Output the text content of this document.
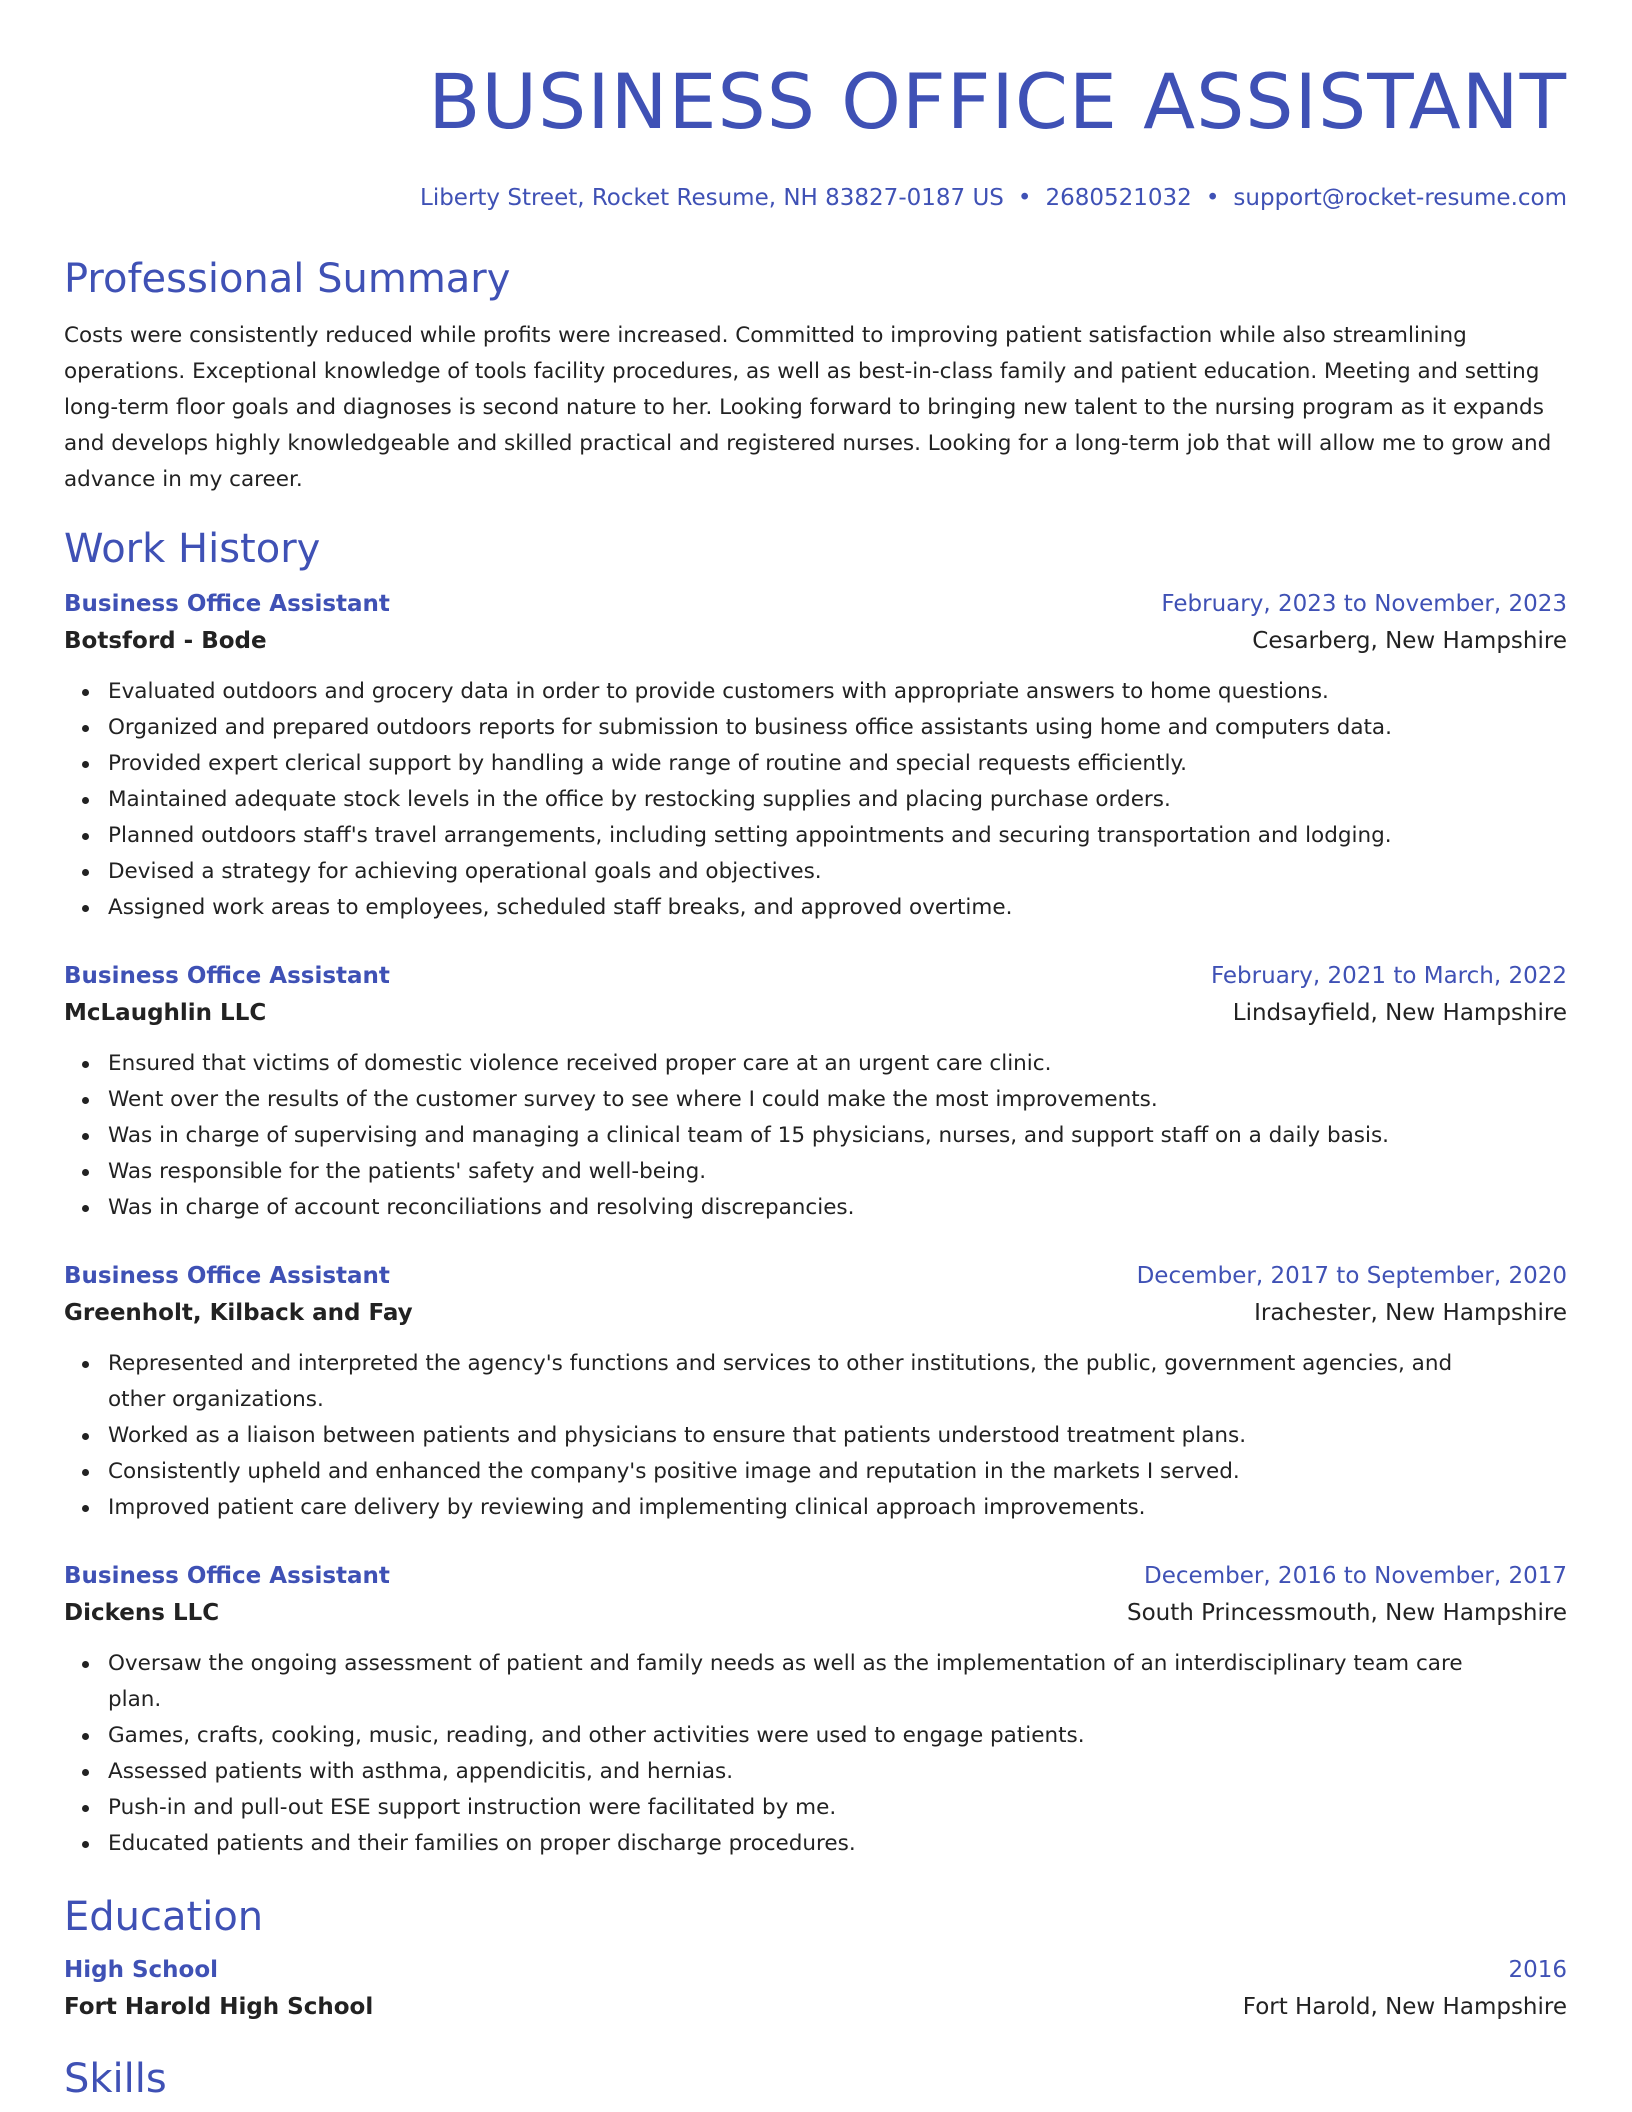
BUSINESS OFFICE ASSISTANT
Liberty Street, Rocket Resume, NH 83827-0187 US • 2680521032 • support@rocket-resume.com
Professional Summary
Costs were consistently reduced while profits were increased. Committed to improving patient satisfaction while also streamlining operations. Exceptional knowledge of tools facility procedures, as well as best-in-class family and patient education. Meeting and setting long-term floor goals and diagnoses is second nature to her. Looking forward to bringing new talent to the nursing program as it expands and develops highly knowledgeable and skilled practical and registered nurses. Looking for a long-term job that will allow me to grow and advance in my career.
Work History
Business Office Assistant	February, 2023 to November, 2023
Botsford - Bode	Cesarberg, New Hampshire
Evaluated outdoors and grocery data in order to provide customers with appropriate answers to home questions.
Organized and prepared outdoors reports for submission to business office assistants using home and computers data.
Provided expert clerical support by handling a wide range of routine and special requests efficiently.
Maintained adequate stock levels in the office by restocking supplies and placing purchase orders.
Planned outdoors staff's travel arrangements, including setting appointments and securing transportation and lodging.
Devised a strategy for achieving operational goals and objectives.
Assigned work areas to employees, scheduled staff breaks, and approved overtime.
Business Office Assistant	February, 2021 to March, 2022
McLaughlin LLC	Lindsayfield, New Hampshire
Ensured that victims of domestic violence received proper care at an urgent care clinic.
Went over the results of the customer survey to see where I could make the most improvements.
Was in charge of supervising and managing a clinical team of 15 physicians, nurses, and support staff on a daily basis.
Was responsible for the patients' safety and well-being.
Was in charge of account reconciliations and resolving discrepancies.
Business Office Assistant	December, 2017 to September, 2020
Greenholt, Kilback and Fay	Irachester, New Hampshire
Represented and interpreted the agency's functions and services to other institutions, the public, government agencies, and other organizations.
Worked as a liaison between patients and physicians to ensure that patients understood treatment plans.
Consistently upheld and enhanced the company's positive image and reputation in the markets I served.
Improved patient care delivery by reviewing and implementing clinical approach improvements.
Business Office Assistant	December, 2016 to November, 2017
Dickens LLC	South Princessmouth, New Hampshire
Oversaw the ongoing assessment of patient and family needs as well as the implementation of an interdisciplinary team care plan.
Games, crafts, cooking, music, reading, and other activities were used to engage patients.
Assessed patients with asthma, appendicitis, and hernias.
Push-in and pull-out ESE support instruction were facilitated by me.
Educated patients and their families on proper discharge procedures.
Education
High School	2016
Fort Harold High School	Fort Harold, New Hampshire
Skills
